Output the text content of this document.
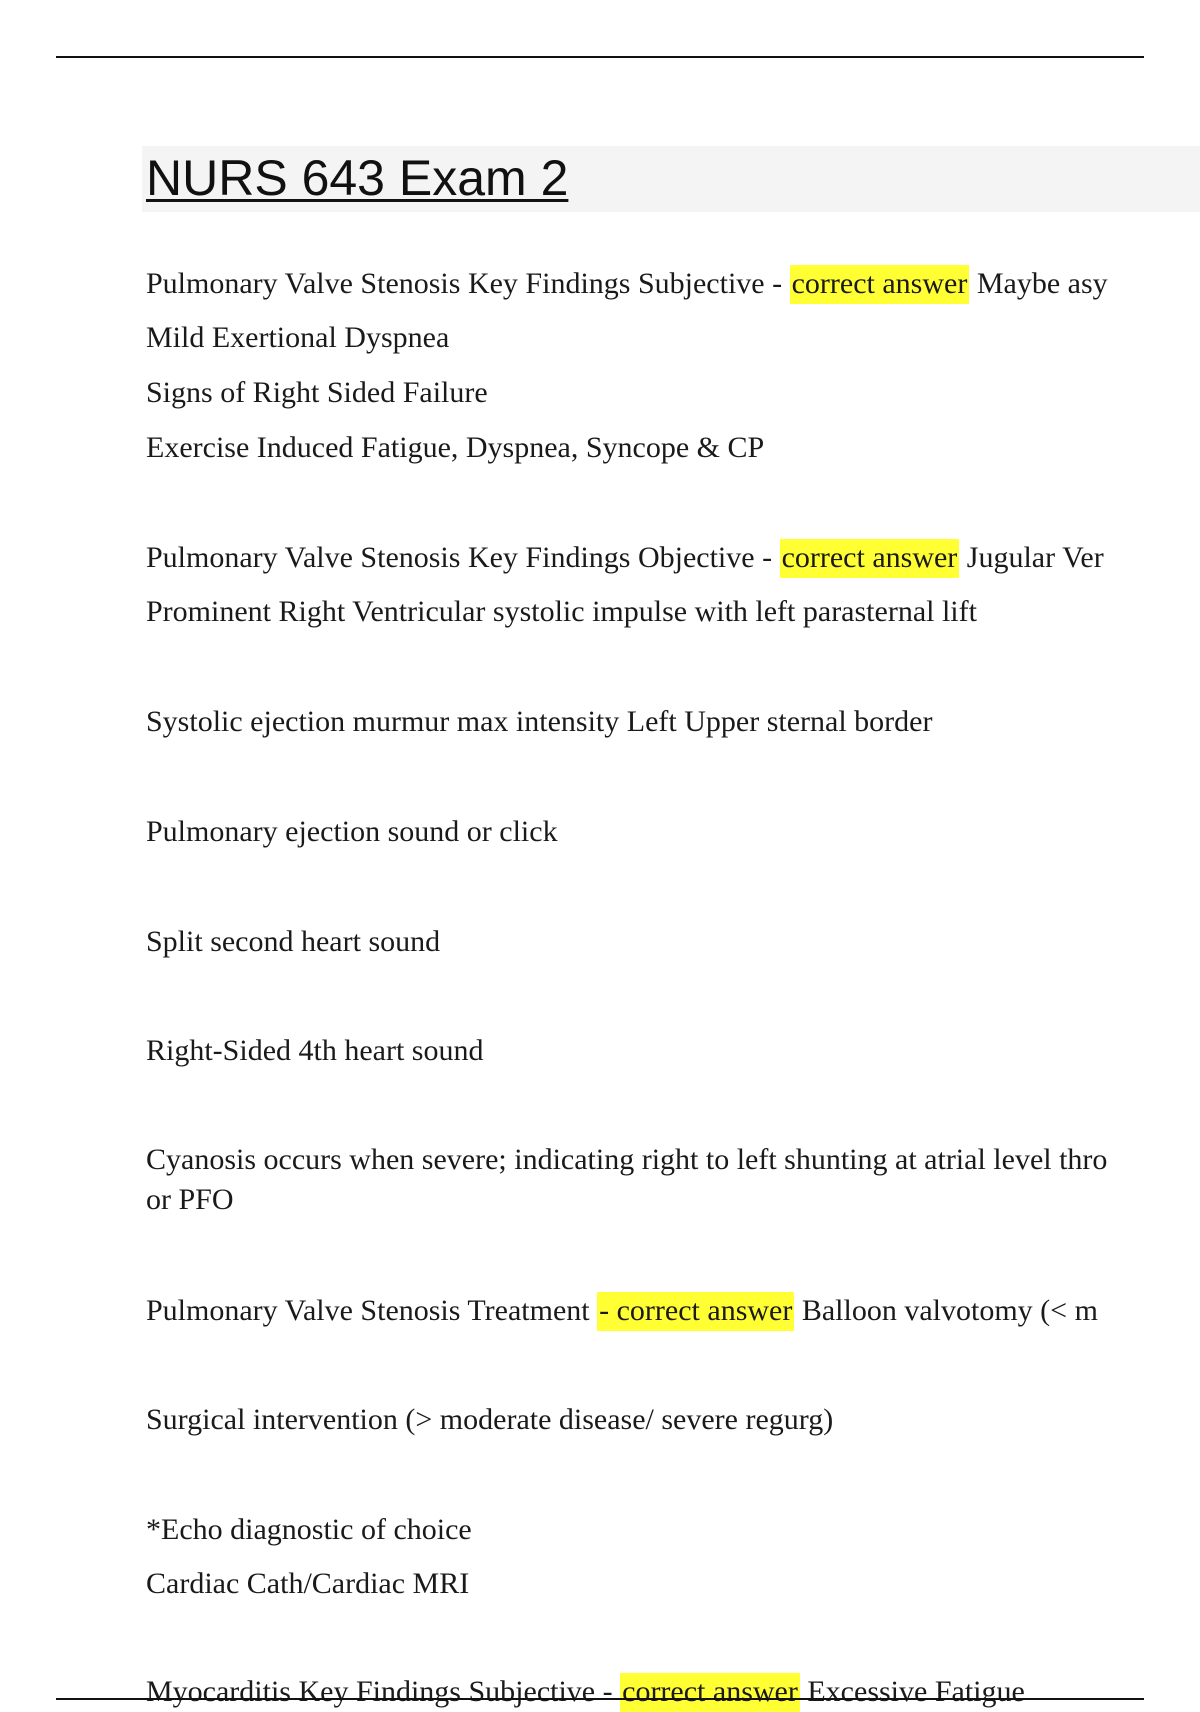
NURS 643 Exam 2

Pulmonary Valve Stenosis Key Findings Subjective - correct answer Maybe asy

Mild Exertional Dyspnea

Signs of Right Sided Failure

Exercise Induced Fatigue, Dyspnea, Syncope & CP

Pulmonary Valve Stenosis Key Findings Objective - correct answer Jugular Ver

Prominent Right Ventricular systolic impulse with left parasternal lift

Systolic ejection murmur max intensity Left Upper sternal border

Pulmonary ejection sound or click

Split second heart sound

Right-Sided 4th heart sound

Cyanosis occurs when severe; indicating right to left shunting at atrial level thro

or PFO

Pulmonary Valve Stenosis Treatment - correct answer Balloon valvotomy (< m

Surgical intervention (> moderate disease/ severe regurg)

*Echo diagnostic of choice

Cardiac Cath/Cardiac MRI

Myocarditis Key Findings Subjective - correct answer Excessive Fatigue
